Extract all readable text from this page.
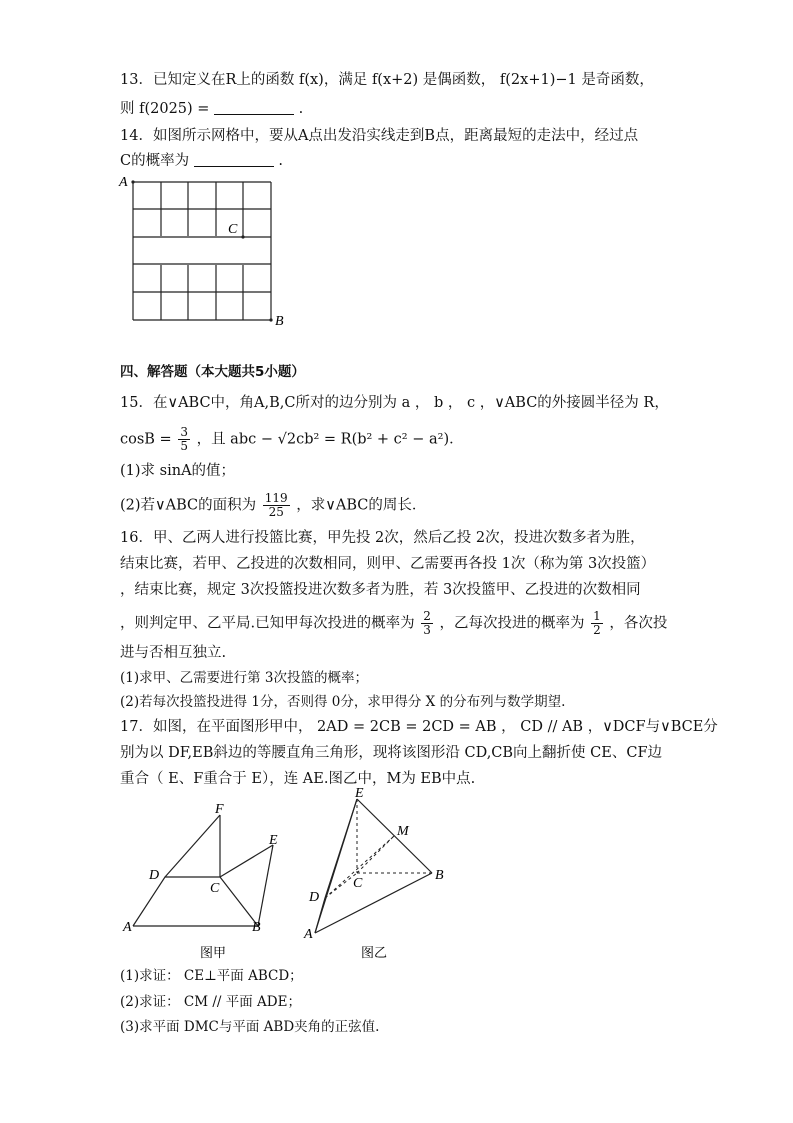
13．已知定义在R上的函数 f(x)，满足 f(x+2) 是偶函数， f(2x+1)−1 是奇函数，
则 f(2025) =	.
14．如图所示网格中，要从A点出发沿实线走到B点，距离最短的走法中，经过点
C的概率为	.
A
C
B
四、解答题（本大题共5小题）
15．在∨ABC中，角A,B,C所对的边分别为 a ， b ， c ，∨ABC的外接圆半径为 R，
$\cos B = \frac{3}{5}$ ，且 abc − √2cb² = R(b² + c² − a²)．
(1)求 sinA的值；
(2)若∨ABC的面积为 $\frac{119}{25}$ ，求∨ABC的周长．
16．甲、乙两人进行投篮比赛，甲先投 2次，然后乙投 2次，投进次数多者为胜，
结束比赛，若甲、乙投进的次数相同，则甲、乙需要再各投 1次（称为第 3次投篮）
，结束比赛，规定 3次投篮投进次数多者为胜，若 3次投篮甲、乙投进的次数相同
，则判定甲、乙平局.已知甲每次投进的概率为 $\frac{2}{3}$ ，乙每次投进的概率为 $\frac{1}{2}$ ，各次投
进与否相互独立.
(1)求甲、乙需要进行第 3次投篮的概率；
(2)若每次投篮投进得 1分，否则得 0分，求甲得分 X 的分布列与数学期望.
17．如图，在平面图形甲中， 2AD = 2CB = 2CD = AB ， CD // AB ，∨DCF与∨BCE分
别为以 DF,EB斜边的等腰直角三角形，现将该图形沿 CD,CB向上翻折使 CE、CF边
重合（ E、F重合于 E），连 AE.图乙中，M为 EB中点.
A	B
C
D
E
F
图甲
E
M
C
B
D
A
图乙
(1)求证： CE⊥平面 ABCD；
(2)求证： CM // 平面 ADE；
(3)求平面 DMC与平面 ABD夹角的正弦值.
